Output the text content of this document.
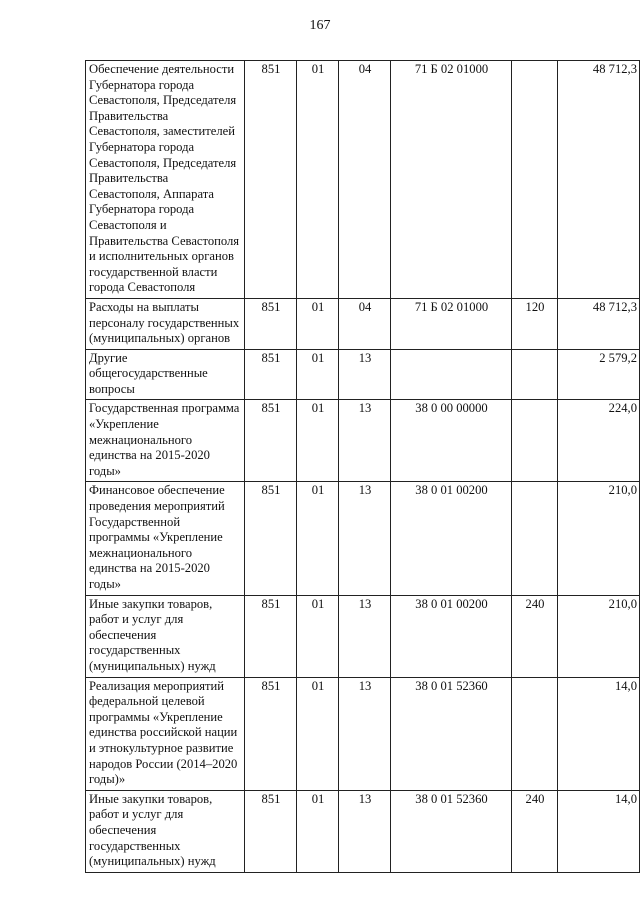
167
Обеспечение деятельности Губернатора города Севастополя, Председателя Правительства Севастополя, заместителей Губернатора города Севастополя, Председателя Правительства Севастополя, Аппарата Губернатора города Севастополя и Правительства Севастополя и исполнительных органов государственной власти города Севастополя	851	01	04	71 Б 02 01000		48 712,3
Расходы на выплаты персоналу государственных (муниципальных) органов	851	01	04	71 Б 02 01000	120	48 712,3
Другие общегосударственные вопросы	851	01	13			2 579,2
Государственная программа «Укрепление межнационального единства на 2015-2020 годы»	851	01	13	38 0 00 00000		224,0
Финансовое обеспечение проведения мероприятий Государственной программы «Укрепление межнационального единства на 2015-2020 годы»	851	01	13	38 0 01 00200		210,0
Иные закупки товаров, работ и услуг для обеспечения государственных (муниципальных) нужд	851	01	13	38 0 01 00200	240	210,0
Реализация мероприятий федеральной целевой программы «Укрепление единства российской нации и этнокультурное развитие народов России (2014–2020 годы)»	851	01	13	38 0 01 52360		14,0
Иные закупки товаров, работ и услуг для обеспечения государственных (муниципальных) нужд	851	01	13	38 0 01 52360	240	14,0
